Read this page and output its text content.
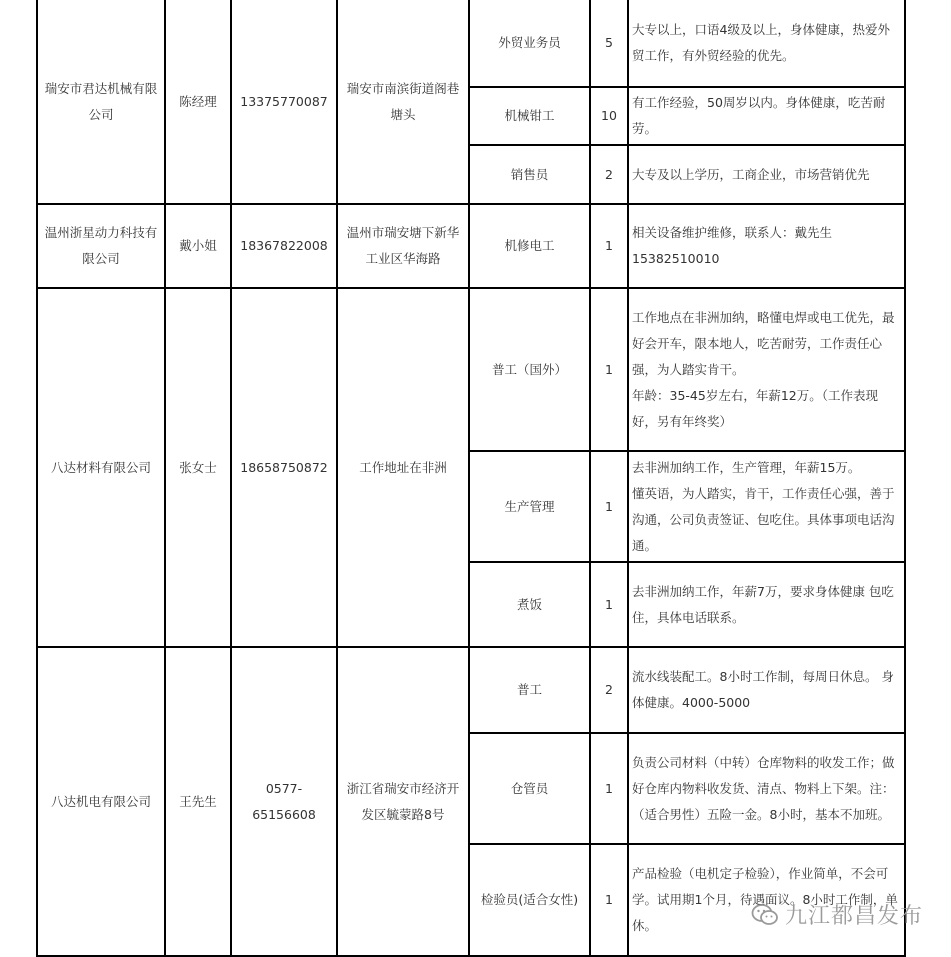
瑞安市君达机械有限公司	陈经理	13375770087	瑞安市南滨街道阁巷塘头	外贸业务员	5	大专以上，口语4级及以上，身体健康，热爱外贸工作，有外贸经验的优先。

				机械钳工	10	有工作经验，50周岁以内。身体健康，吃苦耐劳。

				销售员	2	大专及以上学历，工商企业，市场营销优先

温州浙星动力科技有限公司	戴小姐	18367822008	温州市瑞安塘下新华工业区华海路	机修电工	1	相关设备维护维修，联系人：戴先生15382510010

八达材料有限公司	张女士	18658750872	工作地址在非洲	普工（国外）	1	工作地点在非洲加纳，略懂电焊或电工优先，最好会开车，限本地人，吃苦耐劳，工作责任心强，为人踏实肯干。
年龄：35-45岁左右，年薪12万。（工作表现好，另有年终奖）

				生产管理	1	去非洲加纳工作，生产管理，年薪15万。
懂英语，为人踏实，肯干，工作责任心强，善于沟通，公司负责签证、包吃住。具体事项电话沟通。

				煮饭	1	去非洲加纳工作，年薪7万，要求身体健康 包吃住，具体电话联系。

八达机电有限公司	王先生	0577-65156608	浙江省瑞安市经济开发区毓蒙路8号	普工	2	流水线装配工。8小时工作制，每周日休息。 身体健康。4000-5000

				仓管员	1	负责公司材料（中转）仓库物料的收发工作；做好仓库内物料收发货、清点、物料上下架。注：（适合男性）五险一金。8小时，基本不加班。

				检验员(适合女性)	1	产品检验（电机定子检验），作业简单，不会可学。试用期1个月，待遇面议。8小时工作制，单休。	九江都昌发布
